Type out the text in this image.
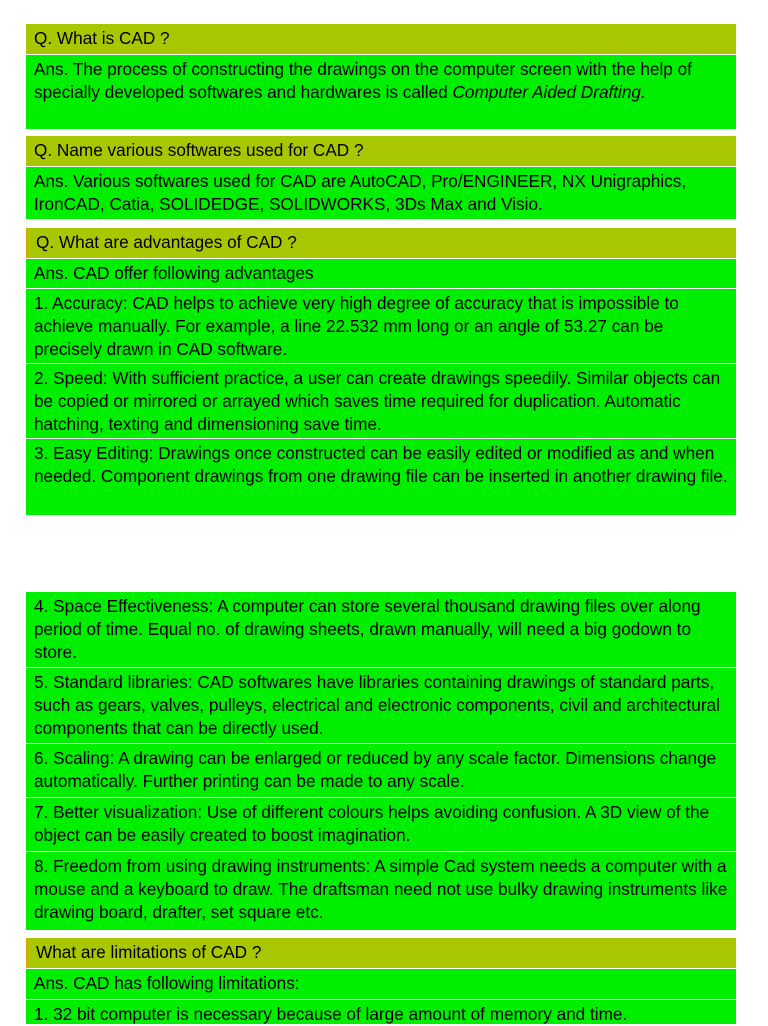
Q. What is CAD ?
Ans. The process of constructing the drawings on the computer screen with the help of specially developed softwares and hardwares is called Computer Aided Drafting.
Q. Name various softwares used for CAD ?
Ans. Various softwares used for CAD are AutoCAD, Pro/ENGINEER, NX Unigraphics, IronCAD, Catia, SOLIDEDGE, SOLIDWORKS, 3Ds Max and Visio.
Q. What are advantages of CAD ?
Ans. CAD offer following advantages
1. Accuracy: CAD helps to achieve very high degree of accuracy that is impossible to achieve manually. For example, a line 22.532 mm long or an angle of 53.27 can be precisely drawn in CAD software.
2. Speed: With sufficient practice, a user can create drawings speedily. Similar objects can be copied or mirrored or arrayed which saves time required for duplication. Automatic hatching, texting and dimensioning save time.
3. Easy Editing: Drawings once constructed can be easily edited or modified as and when needed. Component drawings from one drawing file can be inserted in another drawing file.
4. Space Effectiveness: A computer can store several thousand drawing files over along period of time. Equal no. of drawing sheets, drawn manually, will need a big godown to store.
5. Standard libraries: CAD softwares have libraries containing drawings of standard parts, such as gears, valves, pulleys, electrical and electronic components, civil and architectural components that can be directly used.
6. Scaling: A drawing can be enlarged or reduced by any scale factor. Dimensions change automatically. Further printing can be made to any scale.
7. Better visualization: Use of different colours helps avoiding confusion. A 3D view of the object can be easily created to boost imagination.
8. Freedom from using drawing instruments: A simple Cad system needs a computer with a mouse and a keyboard to draw. The draftsman need not use bulky drawing instruments like drawing board, drafter, set square etc.
What are limitations of CAD ?
Ans. CAD has following limitations:
1. 32 bit computer is necessary because of large amount of memory and time.
